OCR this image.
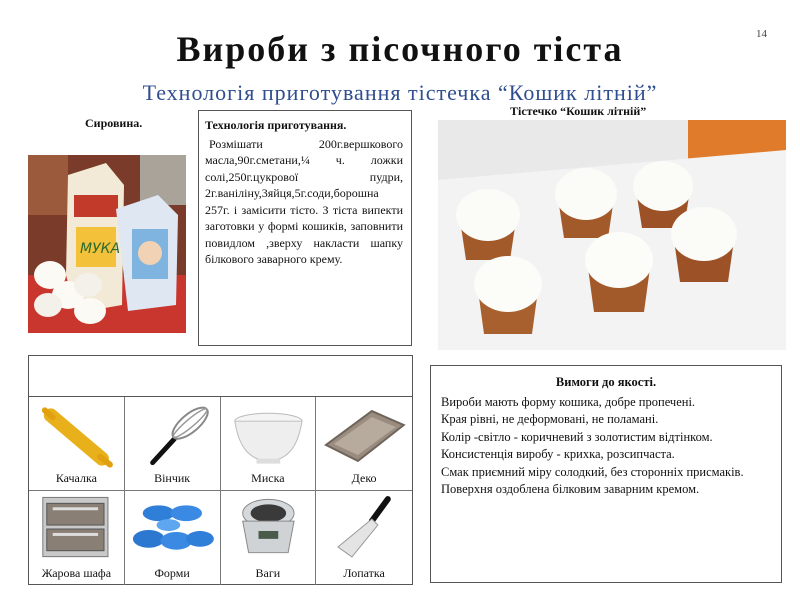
14
Вироби з пісочного тіста
Технологія приготування тістечка “Кошик літній”
Сировина.
Тістечко “Кошик літній”
МУКА
Технологія приготування.
Розмішати 200г.вершкового масла,90г.сметани,¼ ч. ложки солі,250г.цукрової пудри, 2г.ваніліну,3яйця,5г.соди,борошна 257г. і замісити тісто. З тіста випекти заготовки у формі кошиків, заповнити повидлом ,зверху накласти шапку білкового заварного крему.
Качалка	Вінчик	Миска	Деко
Жарова шафа	Форми	Ваги	Лопатка
Вимоги до якості.
Вироби мають форму кошика, добре пропечені.
Края рівні, не деформовані, не поламані.
Колір -світло - коричневий з золотистим відтінком.
Консистенція виробу - крихка, розсипчаста.
Смак приємний міру солодкий, без сторонніх присмаків.
Поверхня оздоблена білковим заварним кремом.
